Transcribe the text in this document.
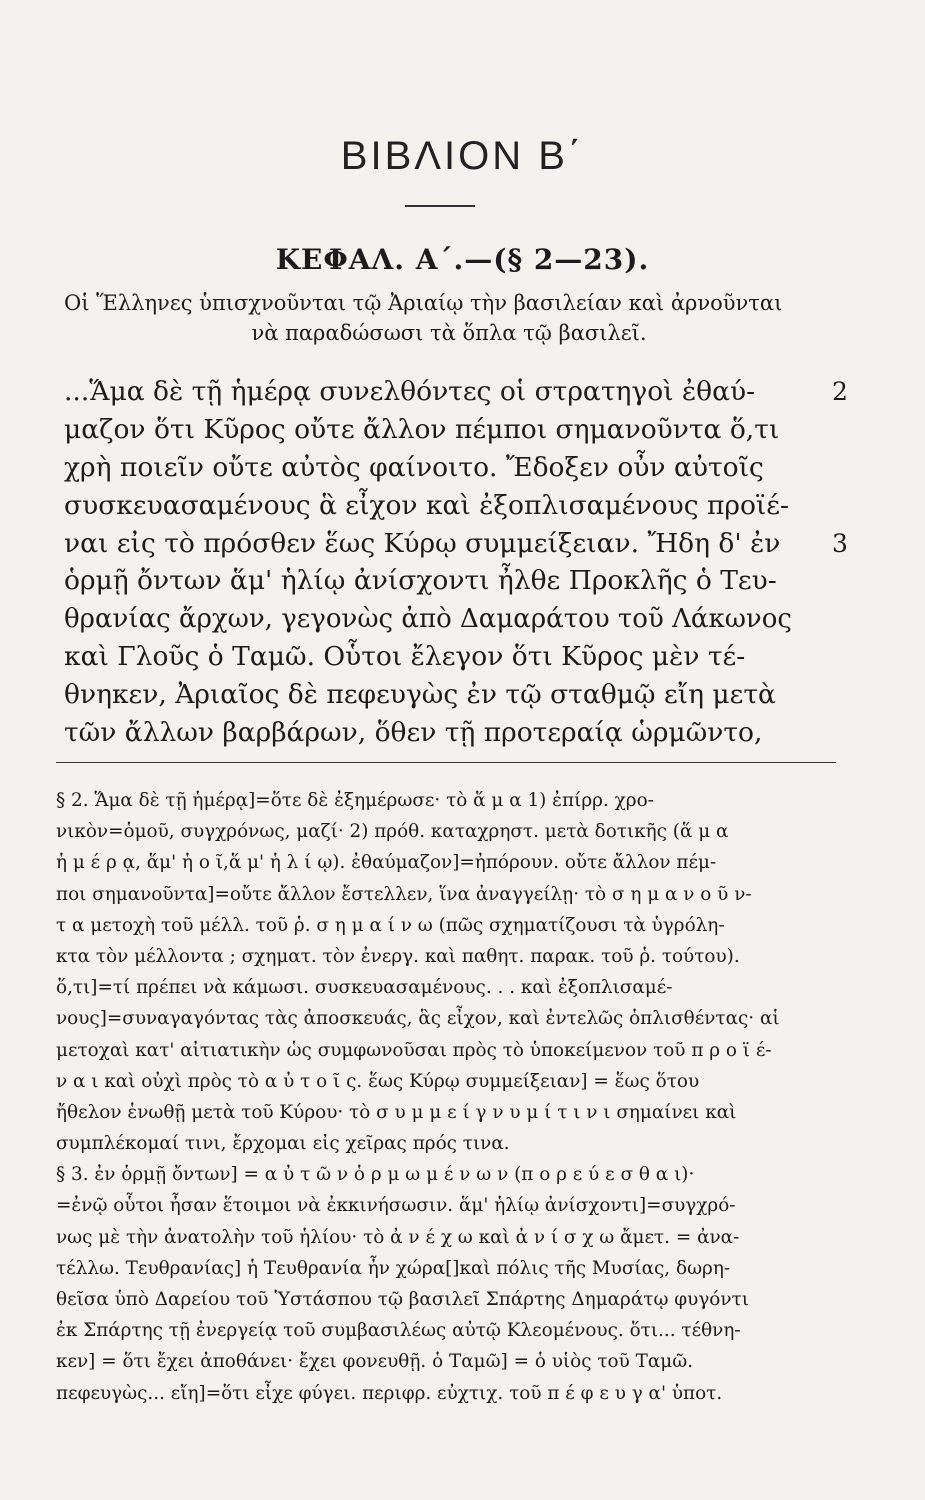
ΒΙΒΛΙΟΝ Β΄
ΚΕΦΑΛ. Α΄.—(§ 2—23).
Οἱ Ἕλληνες ὑπισχνοῦνται τῷ Ἀριαίῳ τὴν βασιλείαν καὶ ἀρνοῦνται
νὰ παραδώσωσι τὰ ὅπλα τῷ βασιλεῖ.
...Ἅμα δὲ τῇ ἡμέρᾳ συνελθόντες οἱ στρατηγοὶ ἐθαύ-	2
μαζον ὅτι Κῦρος οὔτε ἄλλον πέμποι σημανοῦντα ὅ,τι
χρὴ ποιεῖν οὔτε αὐτὸς φαίνοιτο. Ἔδοξεν οὖν αὐτοῖς
συσκευασαμένους ἃ εἶχον καὶ ἐξοπλισαμένους προϊέ-
ναι εἰς τὸ πρόσθεν ἕως Κύρῳ συμμείξειαν. Ἤδη δ' ἐν 3
ὁρμῇ ὄντων ἅμ' ἡλίῳ ἀνίσχοντι ἦλθε Προκλῆς ὁ Τευ-
θρανίας ἄρχων, γεγονὼς ἀπὸ Δαμαράτου τοῦ Λάκωνος
καὶ Γλοῦς ὁ Ταμῶ. Οὗτοι ἔλεγον ὅτι Κῦρος μὲν τέ-
θνηκεν, Ἀριαῖος δὲ πεφευγὼς ἐν τῷ σταθμῷ εἴη μετὰ
τῶν ἄλλων βαρβάρων, ὅθεν τῇ προτεραίᾳ ὡρμῶντο,
§ 2. Ἅμα δὲ τῇ ἡμέρᾳ]=ὅτε δὲ ἐξημέρωσε· τὸ ἅ μ α 1) ἐπίρρ. χρο-νικὸν=ὁμοῦ, συγχρόνως, μαζί· 2) πρόθ. καταχρηστ. μετὰ δοτικῆς (ἅ μ αἡ μ έ ρ ᾳ, ἅμ' ἡ ο ῖ,ἅ μ' ἡ λ ί ῳ). ἐθαύμαζον]=ἠπόρουν. οὔτε ἄλλον πέμ-ποι σημανοῦντα]=οὔτε ἄλλον ἔστελλεν, ἵνα ἀναγγείλῃ· τὸ σ η μ α ν ο ῦ ν-τ α μετοχὴ τοῦ μέλλ. τοῦ ῥ. σ η μ α ί ν ω (πῶς σχηματίζουσι τὰ ὑγρόλη-κτα τὸν μέλλοντα ; σχηματ. τὸν ἐνεργ. καὶ παθητ. παρακ. τοῦ ῥ. τούτου).ὅ,τι]=τί πρέπει νὰ κάμωσι. συσκευασαμένους. . . καὶ ἐξοπλισαμέ-νους]=συναγαγόντας τὰς ἀποσκευάς, ἃς εἶχον, καὶ ἐντελῶς ὁπλισθέντας· αἱμετοχαὶ κατ' αἰτιατικὴν ὡς συμφωνοῦσαι πρὸς τὸ ὑποκείμενον τοῦ π ρ ο ϊ έ-ν α ι καὶ οὐχὶ πρὸς τὸ α ὐ τ ο ῖ ς. ἕως Κύρῳ συμμείξειαν] = ἕως ὅτουἤθελον ἑνωθῇ μετὰ τοῦ Κύρου· τὸ σ υ μ μ ε ί γ ν υ μ ί τ ι ν ι σημαίνει καὶσυμπλέκομαί τινι, ἔρχομαι εἰς χεῖρας πρός τινα.§ 3. ἐν ὁρμῇ ὄντων] = α ὐ τ ῶ ν ὁ ρ μ ω μ έ ν ω ν (π ο ρ ε ύ ε σ θ α ι)·=ἐνῷ οὗτοι ἦσαν ἕτοιμοι νὰ ἐκκινήσωσιν. ἅμ' ἡλίῳ ἀνίσχοντι]=συγχρό-νως μὲ τὴν ἀνατολὴν τοῦ ἡλίου· τὸ ἀ ν έ χ ω καὶ ἀ ν ί σ χ ω ἄμετ. = ἀνα-τέλλω. Τευθρανίας] ἡ Τευθρανία ἦν χώρα[]καὶ πόλις τῆς Μυσίας, δωρη-θεῖσα ὑπὸ Δαρείου τοῦ Ὑστάσπου τῷ βασιλεῖ Σπάρτης Δημαράτῳ φυγόντιἐκ Σπάρτης τῇ ἐνεργείᾳ τοῦ συμβασιλέως αὐτῷ Κλεομένους. ὅτι... τέθνη-κεν] = ὅτι ἔχει ἀποθάνει· ἔχει φονευθῇ. ὁ Ταμῶ] = ὁ υἱὸς τοῦ Ταμῶ.πεφευγὼς... εἴη]=ὅτι εἶχε φύγει. περιφρ. εὐχτιχ. τοῦ π έ φ ε υ γ α' ὑποτ.
